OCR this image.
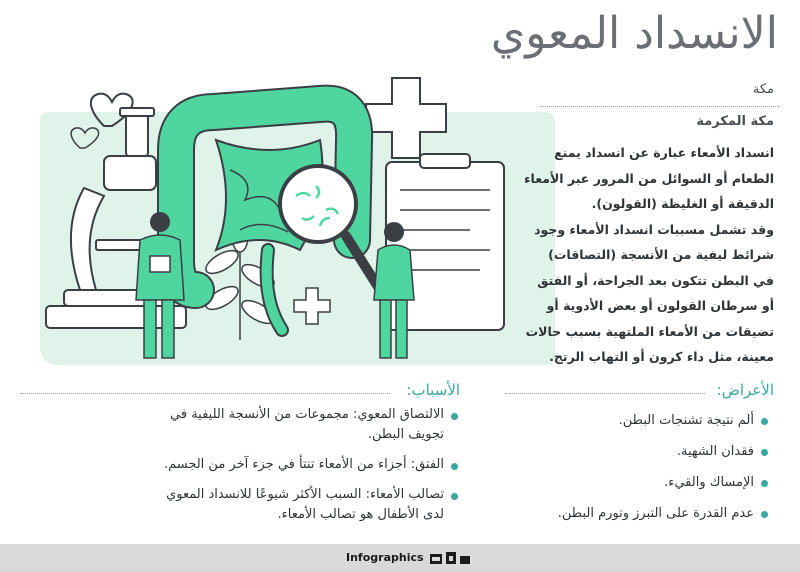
الانسداد المعوي
مكة
مكة المكرمة

انسداد الأمعاء عبارة عن انسداد يمنع الطعام أو السوائل من المرور عبر الأمعاء الدقيقة أو الغليظة (القولون).

وقد تشمل مسببات انسداد الأمعاء وجود شرائط ليفية من الأنسجة (التصاقات) في البطن تتكون بعد الجراحة، أو الفتق أو سرطان القولون أو بعض الأدوية أو تضيقات من الأمعاء الملتهبة بسبب حالات معينة، مثل داء كرون أو التهاب الرتج.

الأسباب:
الالتصاق المعوي: مجموعات من الأنسجة الليفية في تجويف البطن.
الفتق: أجزاء من الأمعاء تنتأ في جزء آخر من الجسم.
تصالب الأمعاء: السبب الأكثر شيوعًا للانسداد المعوي لدى الأطفال هو تصالب الأمعاء.
الأعراض:
ألم نتيجة تشنجات البطن.
فقدان الشهية.
الإمساك والقيء.
عدم القدرة على التبرز وتورم البطن.
Infographics
